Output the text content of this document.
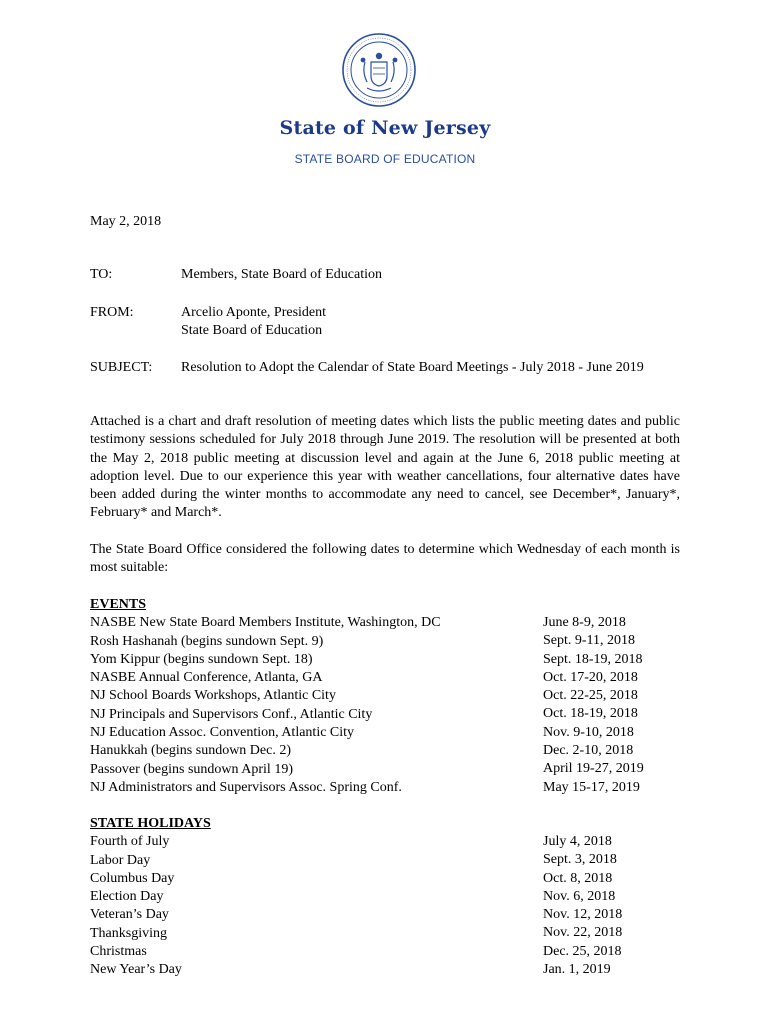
State of New Jersey
STATE BOARD OF EDUCATION
May 2, 2018
TO:	Members, State Board of Education
FROM:	Arcelio Aponte, President
State Board of Education
SUBJECT: Resolution to Adopt the Calendar of State Board Meetings - July 2018 - June 2019
Attached is a chart and draft resolution of meeting dates which lists the public meeting dates and public testimony sessions scheduled for July 2018 through June 2019. The resolution will be presented at both the May 2, 2018 public meeting at discussion level and again at the June 6, 2018 public meeting at adoption level. Due to our experience this year with weather cancellations, four alternative dates have been added during the winter months to accommodate any need to cancel, see December*, January*, February* and March*.
The State Board Office considered the following dates to determine which Wednesday of each month is most suitable:
EVENTS
NASBE New State Board Members Institute, Washington, DC
Rosh Hashanah (begins sundown Sept. 9)
Yom Kippur (begins sundown Sept. 18)
NASBE Annual Conference, Atlanta, GA
NJ School Boards Workshops, Atlantic City
NJ Principals and Supervisors Conf., Atlantic City
NJ Education Assoc. Convention, Atlantic City
Hanukkah (begins sundown Dec. 2)
Passover (begins sundown April 19)
NJ Administrators and Supervisors Assoc. Spring Conf.
June 8-9, 2018
Sept. 9-11, 2018
Sept. 18-19, 2018
Oct. 17-20, 2018
Oct. 22-25, 2018
Oct. 18-19, 2018
Nov. 9-10, 2018
Dec. 2-10, 2018
April 19-27, 2019
May 15-17, 2019
STATE HOLIDAYS
Fourth of July
Labor Day
Columbus Day
Election Day
Veteran’s Day
Thanksgiving
Christmas
New Year’s Day
July 4, 2018
Sept. 3, 2018
Oct. 8, 2018
Nov. 6, 2018
Nov. 12, 2018
Nov. 22, 2018
Dec. 25, 2018
Jan. 1, 2019
